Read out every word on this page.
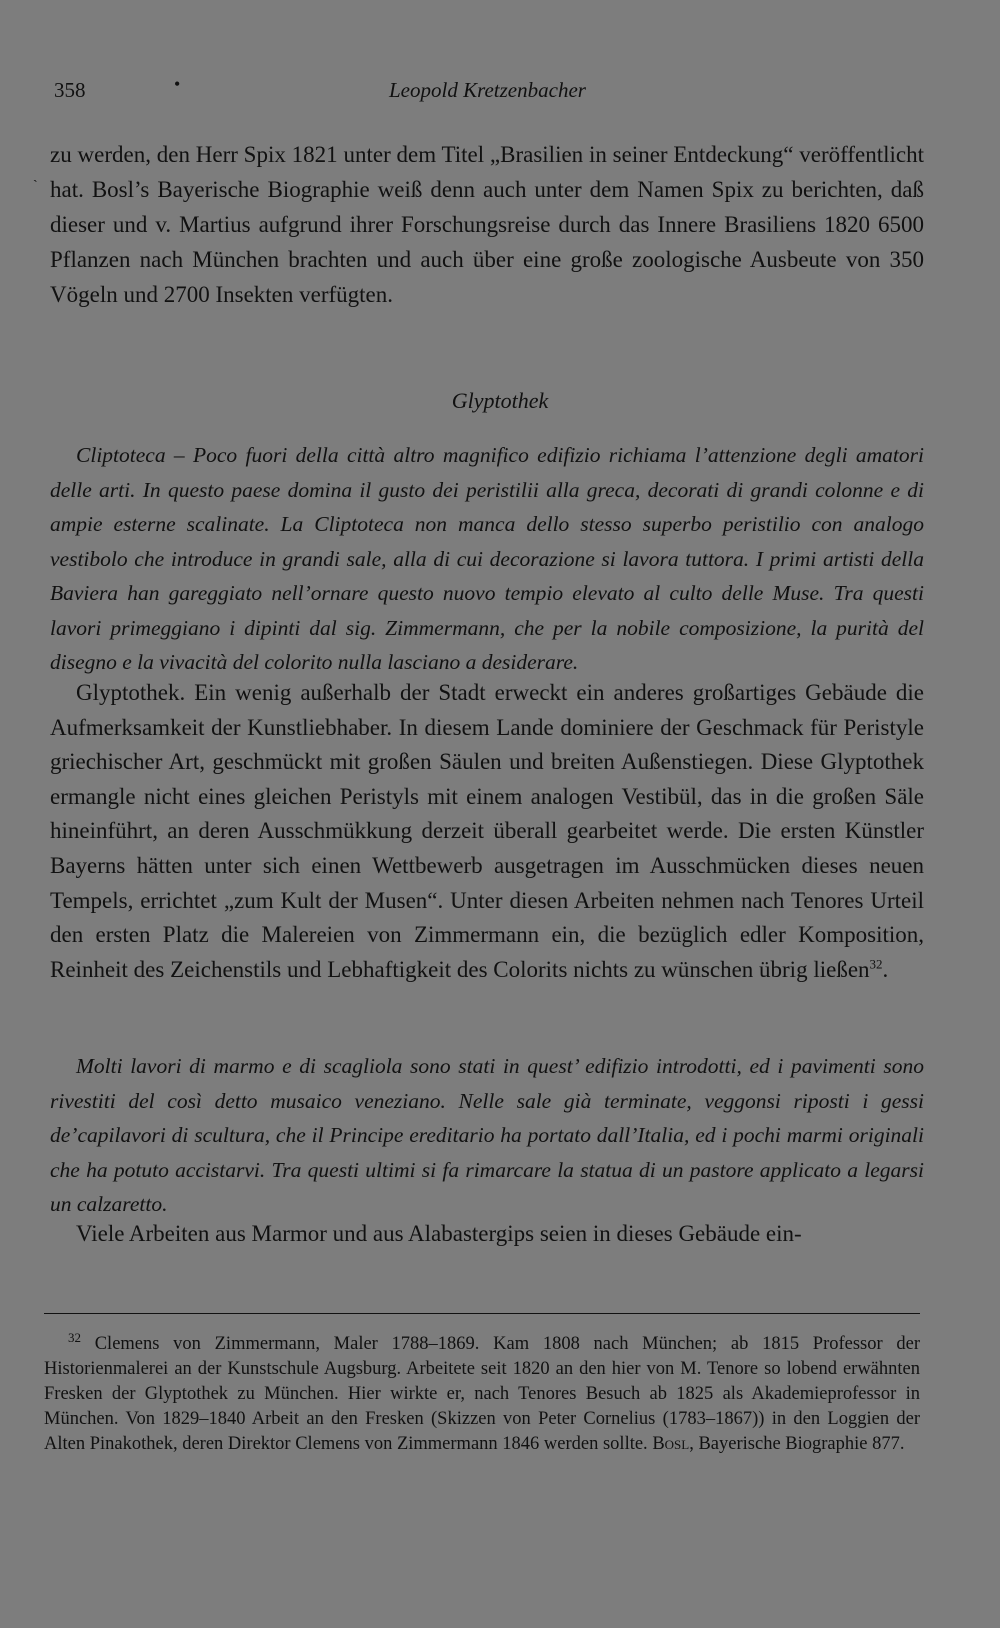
358	•	Leopold Kretzenbacher
ˎ

zu werden, den Herr Spix 1821 unter dem Titel „Brasilien in seiner Entdeckung“ veröffentlicht hat. Bosl’s Bayerische Biographie weiß denn auch unter dem Namen Spix zu berichten, daß dieser und v. Martius aufgrund ihrer Forschungsreise durch das Innere Brasiliens 1820 6500 Pflanzen nach München brachten und auch über eine große zoologische Ausbeute von 350 Vögeln und 2700 Insekten verfügten.

Glyptothek

Cliptoteca – Poco fuori della città altro magnifico edifizio richiama l’attenzione degli amatori delle arti. In questo paese domina il gusto dei peristilii alla greca, decorati di grandi colonne e di ampie esterne scalinate. La Cliptoteca non manca dello stesso superbo peristilio con analogo vestibolo che introduce in grandi sale, alla di cui decorazione si lavora tuttora. I primi artisti della Baviera han gareggiato nell’ornare questo nuovo tempio elevato al culto delle Muse. Tra questi lavori primeggiano i dipinti dal sig. Zimmermann, che per la nobile composizione, la purità del disegno e la vivacità del colorito nulla lasciano a desiderare.

Glyptothek. Ein wenig außerhalb der Stadt erweckt ein anderes großartiges Gebäude die Aufmerksamkeit der Kunstliebhaber. In diesem Lande dominiere der Geschmack für Peristyle griechischer Art, geschmückt mit großen Säulen und breiten Außenstiegen. Diese Glyptothek ermangle nicht eines gleichen Peristyls mit einem analogen Vestibül, das in die großen Säle hineinführt, an deren Ausschmükkung derzeit überall gearbeitet werde. Die ersten Künstler Bayerns hätten unter sich einen Wettbewerb ausgetragen im Ausschmücken dieses neuen Tempels, errichtet „zum Kult der Musen“. Unter diesen Arbeiten nehmen nach Tenores Urteil den ersten Platz die Malereien von Zimmermann ein, die bezüglich edler Komposition, Reinheit des Zeichenstils und Lebhaftigkeit des Colorits nichts zu wünschen übrig ließen$^{32}$.

Molti lavori di marmo e di scagliola sono stati in quest’ edifizio introdotti, ed i pavimenti sono rivestiti del così detto musaico veneziano. Nelle sale già terminate, veggonsi riposti i gessi de’capilavori di scultura, che il Principe ereditario ha portato dall’Italia, ed i pochi marmi originali che ha potuto accistarvi. Tra questi ultimi si fa rimarcare la statua di un pastore applicato a legarsi un calzaretto.

Viele Arbeiten aus Marmor und aus Alabastergips seien in dieses Gebäude ein-

$^{32}$ Clemens von Zimmermann, Maler 1788–1869. Kam 1808 nach München; ab 1815 Professor der Historienmalerei an der Kunstschule Augsburg. Arbeitete seit 1820 an den hier von M. Tenore so lobend erwähnten Fresken der Glyptothek zu München. Hier wirkte er, nach Tenores Besuch ab 1825 als Akademieprofessor in München. Von 1829–1840 Arbeit an den Fresken (Skizzen von Peter Cornelius (1783–1867)) in den Loggien der Alten Pinakothek, deren Direktor Clemens von Zimmermann 1846 werden sollte. Bosl, Bayerische Biographie 877.
